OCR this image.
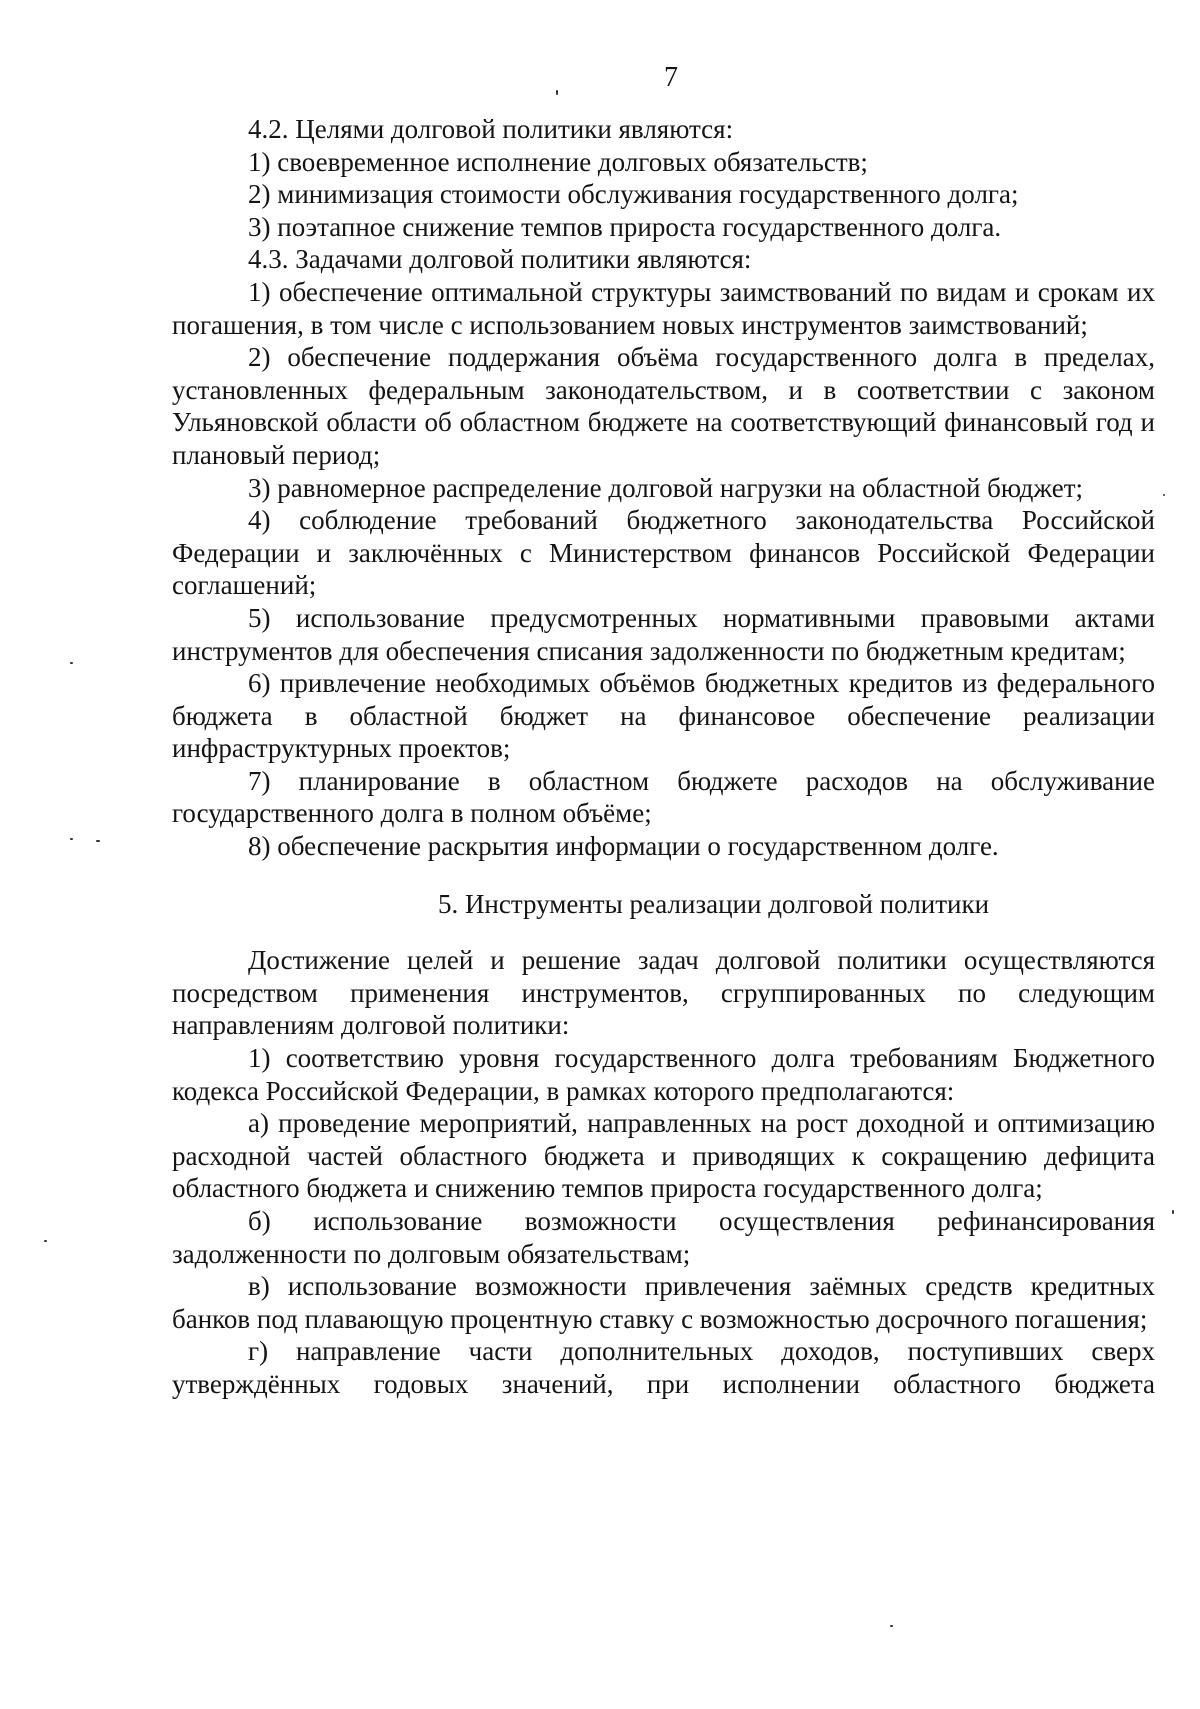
7

4.2. Целями долговой политики являются:

1) своевременное исполнение долговых обязательств;

2) минимизация стоимости обслуживания государственного долга;

3) поэтапное снижение темпов прироста государственного долга.

4.3. Задачами долговой политики являются:

1) обеспечение оптимальной структуры заимствований по видам и срокам их погашения, в том числе с использованием новых инструментов заимствований;

2) обеспечение поддержания объёма государственного долга в пределах, установленных федеральным законодательством, и в соответствии с законом Ульяновской области об областном бюджете на соответствующий финансовый год и плановый период;

3) равномерное распределение долговой нагрузки на областной бюджет;

4) соблюдение требований бюджетного законодательства Российской Федерации и заключённых с Министерством финансов Российской Федерации соглашений;

5) использование предусмотренных нормативными правовыми актами инструментов для обеспечения списания задолженности по бюджетным кредитам;

6) привлечение необходимых объёмов бюджетных кредитов из федерального бюджета в областной бюджет на финансовое обеспечение реализации инфраструктурных проектов;

7) планирование в областном бюджете расходов на обслуживание государственного долга в полном объёме;

8) обеспечение раскрытия информации о государственном долге.

5. Инструменты реализации долговой политики

Достижение целей и решение задач долговой политики осуществляются посредством применения инструментов, сгруппированных по следующим направлениям долговой политики:

1) соответствию уровня государственного долга требованиям Бюджетного кодекса Российской Федерации, в рамках которого предполагаются:

а) проведение мероприятий, направленных на рост доходной и оптимизацию расходной частей областного бюджета и приводящих к сокращению дефицита областного бюджета и снижению темпов прироста государственного долга;

б) использование возможности осуществления рефинансирования задолженности по долговым обязательствам;

в) использование возможности привлечения заёмных средств кредитных банков под плавающую процентную ставку с возможностью досрочного погашения;

г) направление части дополнительных доходов, поступивших сверх утверждённых годовых значений, при исполнении областного бюджета
